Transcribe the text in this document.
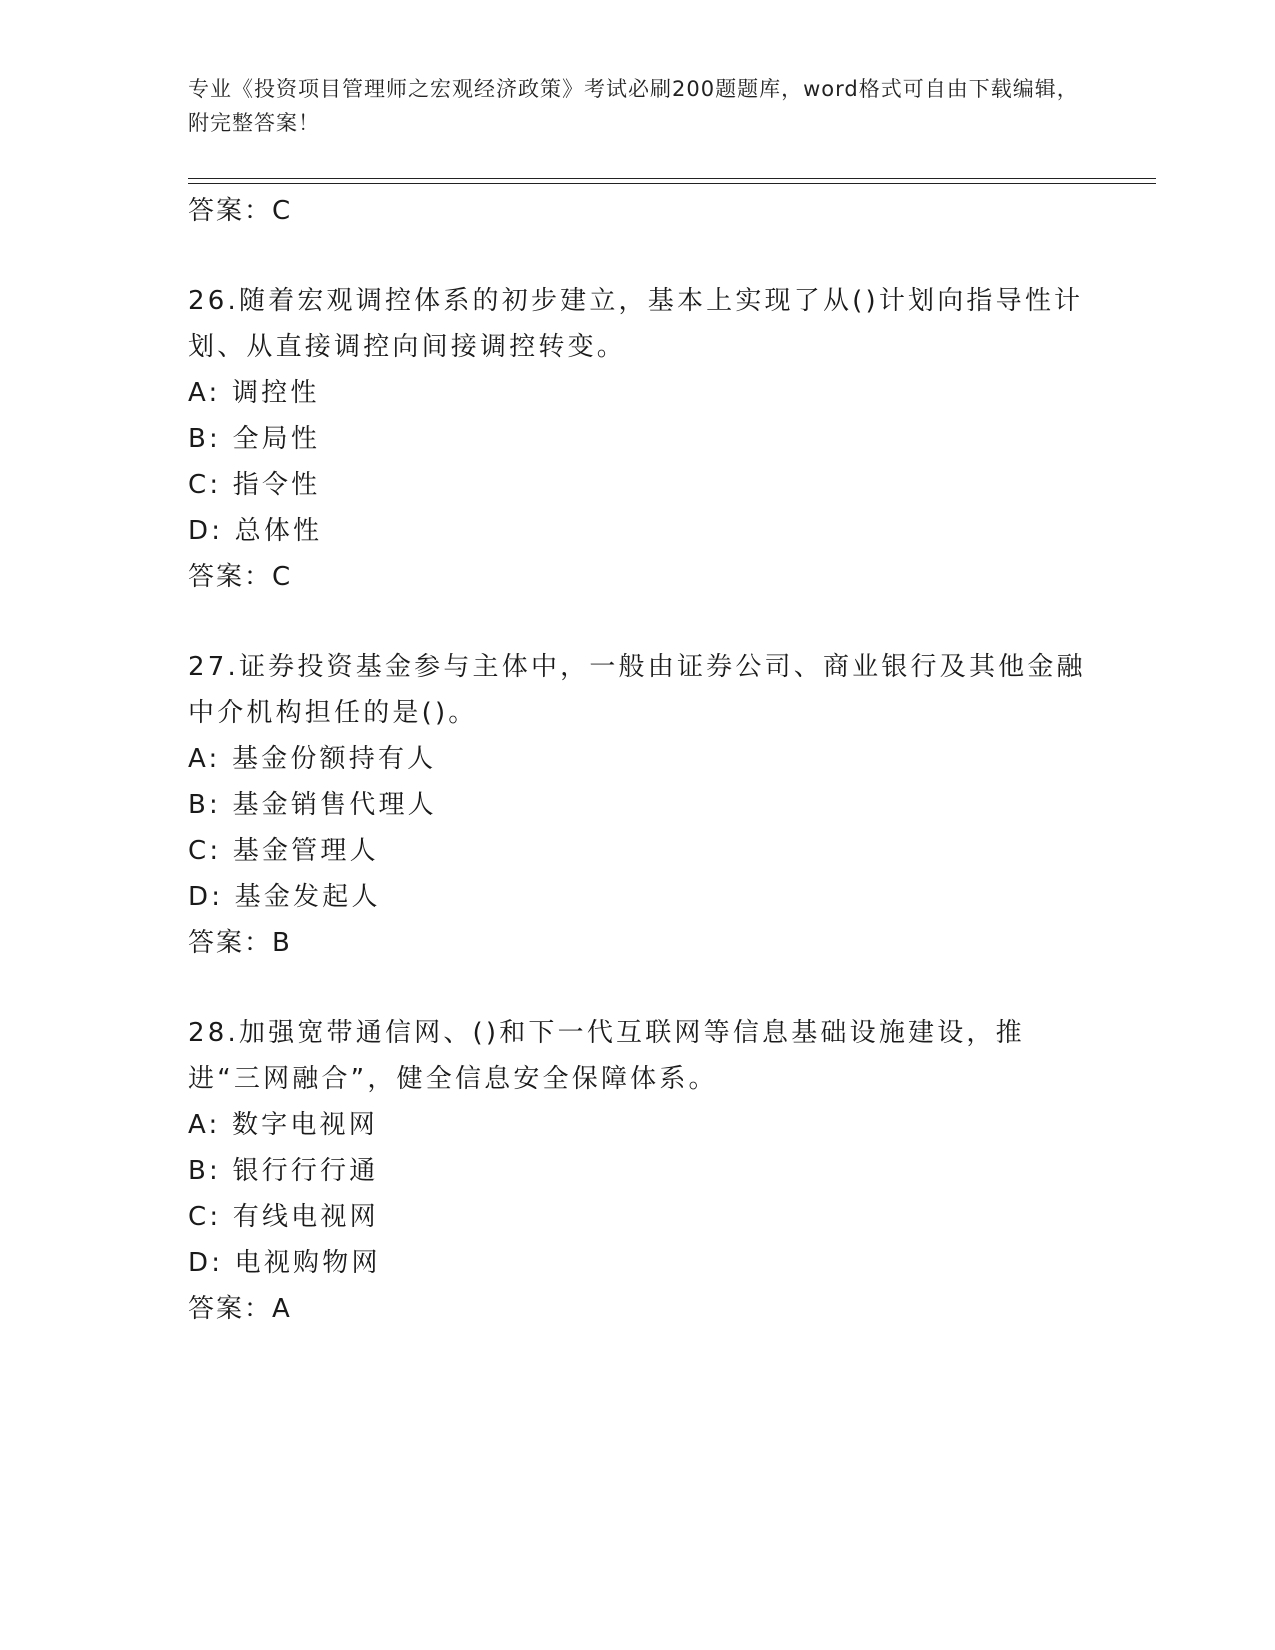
专业《投资项目管理师之宏观经济政策》考试必刷200题题库，word格式可自由下载编辑，附完整答案！
答案：C
26.随着宏观调控体系的初步建立，基本上实现了从()计划向指导性计划、从直接调控向间接调控转变。
A: 调控性
B: 全局性
C: 指令性
D: 总体性
答案：C
27.证券投资基金参与主体中，一般由证券公司、商业银行及其他金融中介机构担任的是()。
A: 基金份额持有人
B: 基金销售代理人
C: 基金管理人
D: 基金发起人
答案：B
28.加强宽带通信网、()和下一代互联网等信息基础设施建设，推进“三网融合”，健全信息安全保障体系。
A: 数字电视网
B: 银行行行通
C: 有线电视网
D: 电视购物网
答案：A
